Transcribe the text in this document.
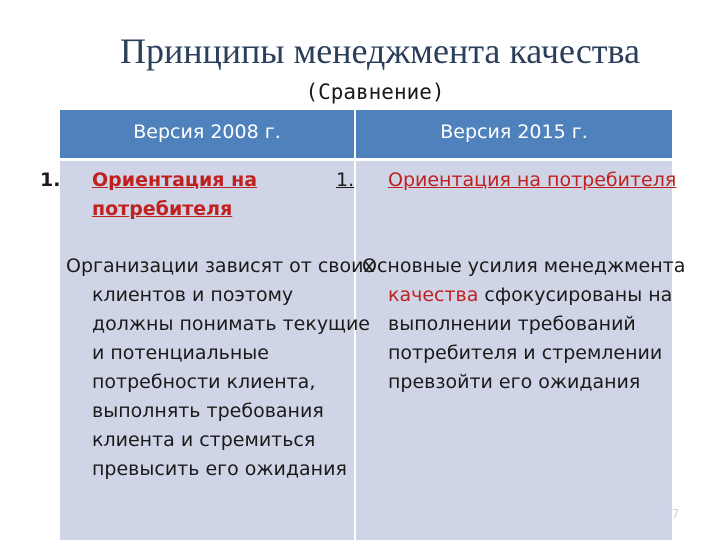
Принципы менеджмента качества
(Сравнение)
Версия 2008 г.	Версия 2015 г.
1. Ориентация на потребителя
1. Ориентация на потребителя
Организации зависят от своих клиентов и поэтому должны понимать текущие и потенциальные потребности клиента, выполнять требования клиента и стремиться превысить его ожидания
Основные усилия менеджмента качества сфокусированы на выполнении требований потребителя и стремлении превзойти его ожидания
17
